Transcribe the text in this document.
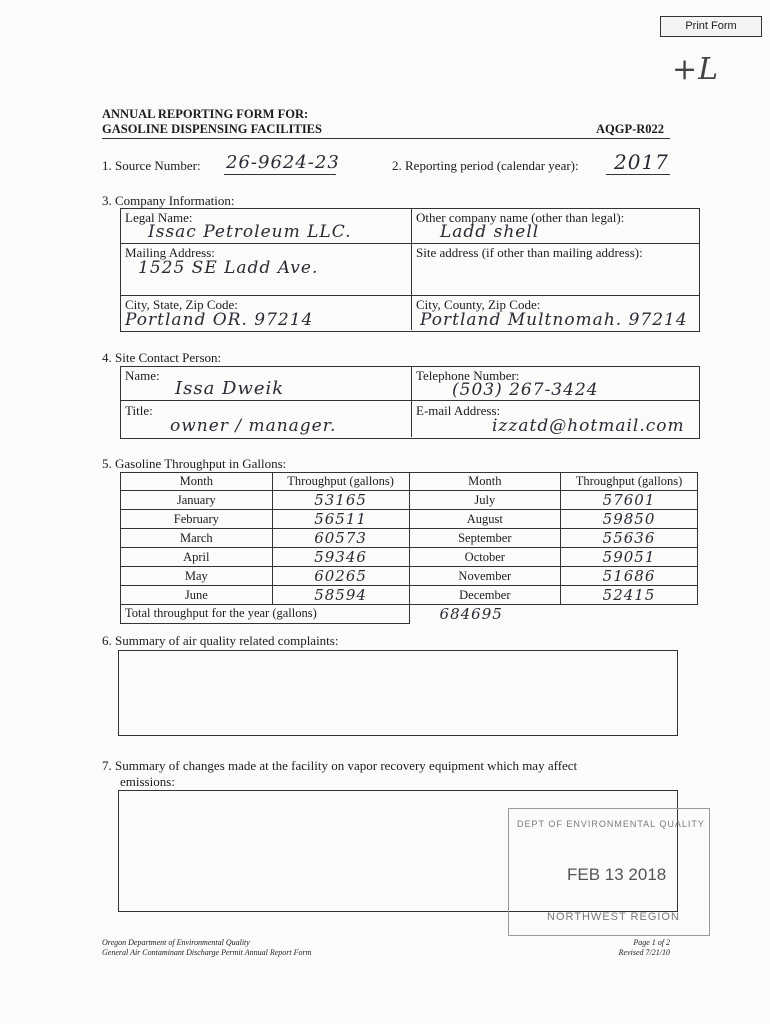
Print Form
+L
ANNUAL REPORTING FORM FOR:
GASOLINE DISPENSING FACILITIES	AQGP-R022
1. Source Number: 26-9624-23	2. Reporting period (calendar year): 2017
3. Company Information:
Legal Name:
Issac Petroleum LLC.
Other company name (other than legal):
Ladd shell
Mailing Address:
1525 SE Ladd Ave.
Site address (if other than mailing address):
City, State, Zip Code:
Portland OR. 97214
City, County, Zip Code:
Portland Multnomah. 97214
4. Site Contact Person:
Name:
Issa Dweik
Telephone Number:
(503) 267-3424
Title:
owner / manager.
E-mail Address:
izzatd@hotmail.com
5. Gasoline Throughput in Gallons:
Month	Throughput (gallons)	Month	Throughput (gallons)
January	53165	July	57601
February	56511	August	59850
March	60573	September	55636
April	59346	October	59051
May	60265	November	51686
June	58594	December	52415
Total throughput for the year (gallons)		684695	
6. Summary of air quality related complaints:
7. Summary of changes made at the facility on vapor recovery equipment which may affect
emissions:
DEPT OF ENVIRONMENTAL QUALITY
FEB 13 2018
NORTHWEST REGION
Oregon Department of Environmental Quality
General Air Contaminant Discharge Permit Annual Report Form
Page 1 of 2
Revised 7/21/10
